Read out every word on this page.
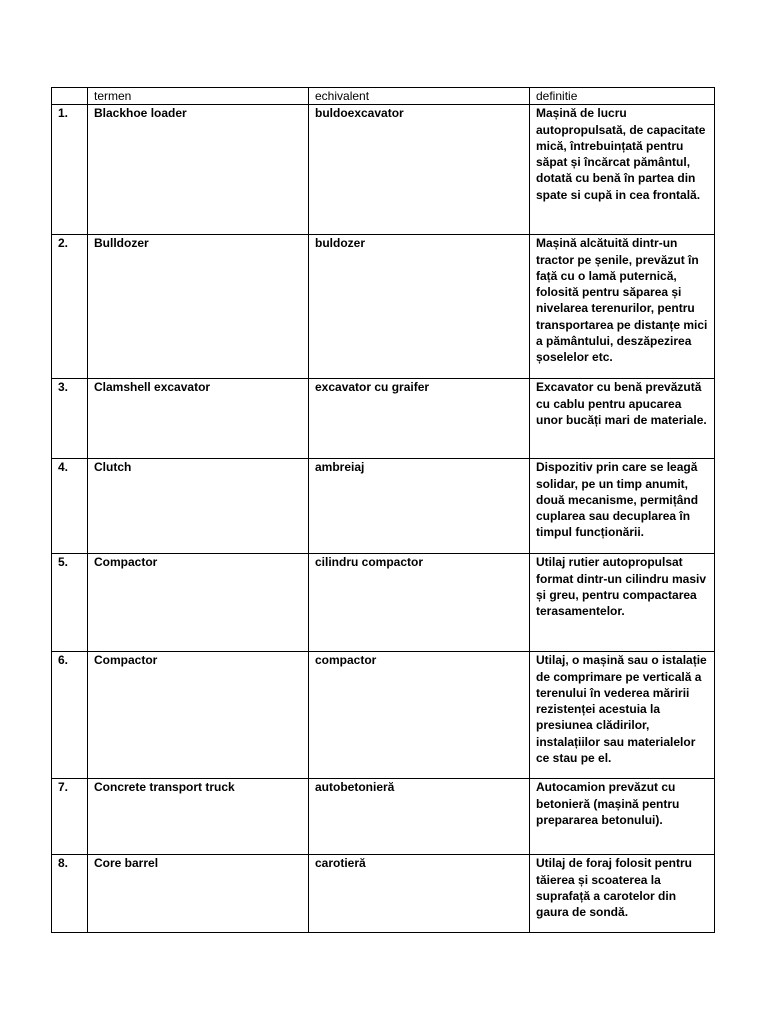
	termen	echivalent	definitie
1.	Blackhoe loader	buldoexcavator	Mașină de lucru autopropulsată, de capacitate mică, întrebuințată pentru săpat și încărcat pământul, dotată cu benă în partea din spate si cupă in cea frontală.
2.	Bulldozer	buldozer	Mașină alcătuită dintr-un tractor pe șenile, prevăzut în față cu o lamă puternică, folosită pentru săparea și nivelarea terenurilor, pentru transportarea pe distanțe mici a pământului, deszăpezirea șoselelor etc.
3.	Clamshell excavator	excavator cu graifer	Excavator cu benă prevăzută cu cablu pentru apucarea unor bucăți mari de materiale.
4.	Clutch	ambreiaj	Dispozitiv prin care se leagă solidar, pe un timp anumit, două mecanisme, permițând cuplarea sau decuplarea în timpul funcționării.
5.	Compactor	cilindru compactor	Utilaj rutier autopropulsat format dintr-un cilindru masiv și greu, pentru compactarea terasamentelor.
6.	Compactor	compactor	Utilaj, o mașină sau o istalație de comprimare pe verticală a terenului în vederea măririi rezistenței acestuia la presiunea clădirilor, instalațiilor sau materialelor ce stau pe el.
7.	Concrete transport truck	autobetonieră	Autocamion prevăzut cu betonieră (mașină pentru prepararea betonului).
8.	Core barrel	carotieră	Utilaj de foraj folosit pentru tăierea și scoaterea la suprafață a carotelor din gaura de sondă.
